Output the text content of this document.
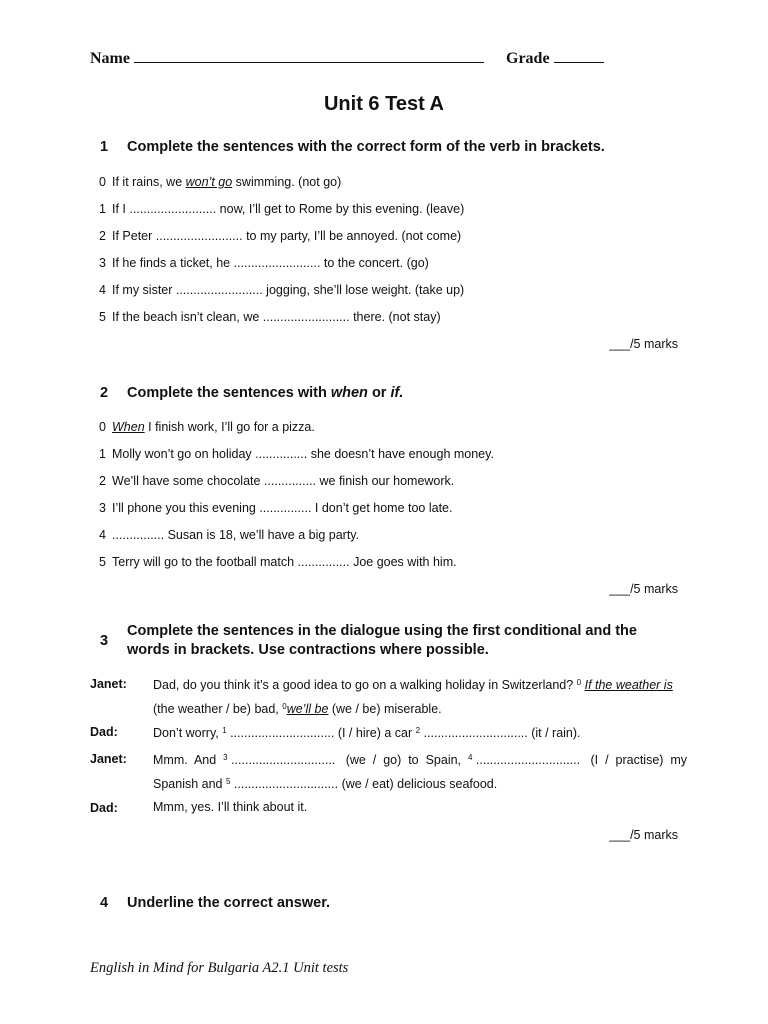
Name	Grade
Unit 6 Test A
1 Complete the sentences with the correct form of the verb in brackets.
0 If it rains, we won’t go swimming. (not go)
1 If I ......................... now, I’ll get to Rome by this evening. (leave)
2 If Peter ......................... to my party, I’ll be annoyed. (not come)
3 If he finds a ticket, he ......................... to the concert. (go)
4 If my sister ......................... jogging, she’ll lose weight. (take up)
5 If the beach isn’t clean, we ......................... there. (not stay)
___/5 marks
2 Complete the sentences with when or if.
0 When I finish work, I’ll go for a pizza.
1 Molly won’t go on holiday ............... she doesn’t have enough money.
2 We’ll have some chocolate ............... we finish our homework.
3 I’ll phone you this evening ............... I don’t get home too late.
4 ............... Susan is 18, we’ll have a big party.
5 Terry will go to the football match ............... Joe goes with him.
___/5 marks
3
Complete the sentences in the dialogue using the first conditional and the
words in brackets. Use contractions where possible.
Janet: Dad, do you think it’s a good idea to go on a walking holiday in Switzerland? $^0$ If the weather is
(the weather / be) bad, $^0$we’ll be (we / be) miserable.
Dad:	Don’t worry, $^1$ .............................. (I / hire) a car $^2$ .............................. (it / rain).
Janet: Mmm.  And  $^3$ ..............................   (we  /  go)  to  Spain,  $^4$ ..............................   (I  /  practise)  my
Spanish and $^5$ .............................. (we / eat) delicious seafood.
Dad:	Mmm, yes. I’ll think about it.
___/5 marks
4 Underline the correct answer.
English in Mind for Bulgaria A2.1 Unit tests
